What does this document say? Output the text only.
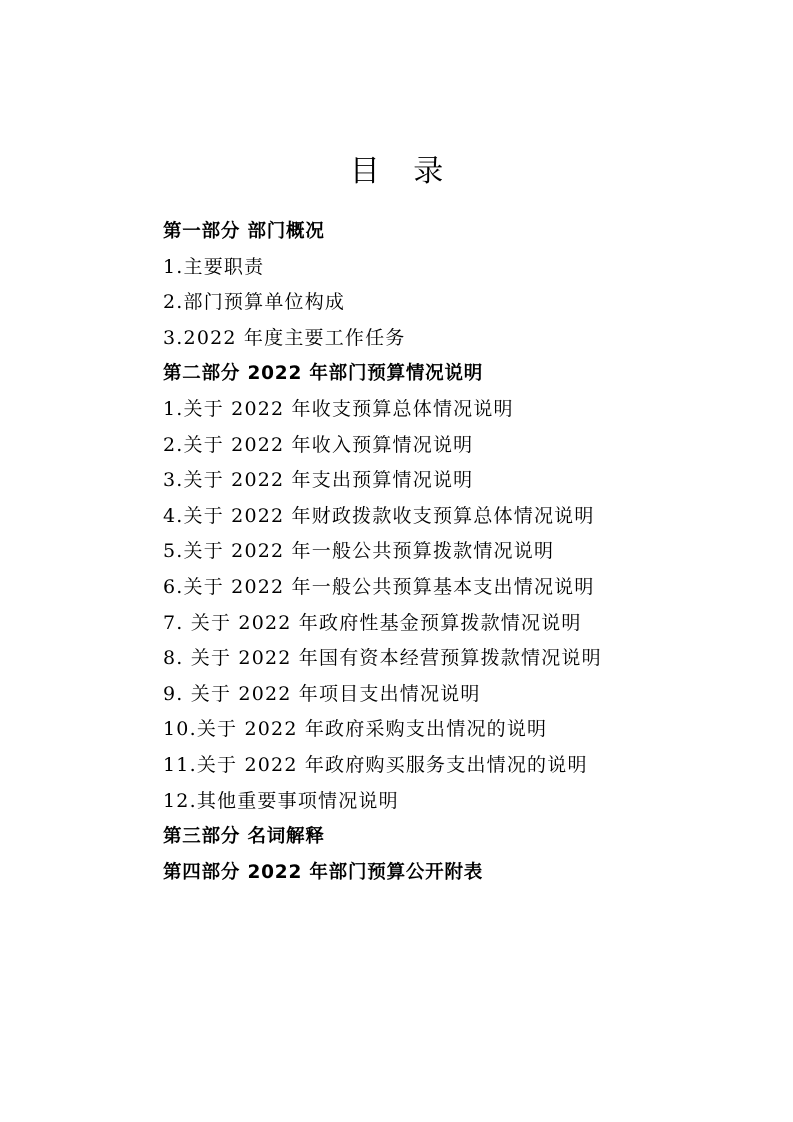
目 录
第一部分 部门概况
1.主要职责
2.部门预算单位构成
3.2022 年度主要工作任务
第二部分 2022 年部门预算情况说明
1.关于 2022 年收支预算总体情况说明
2.关于 2022 年收入预算情况说明
3.关于 2022 年支出预算情况说明
4.关于 2022 年财政拨款收支预算总体情况说明
5.关于 2022 年一般公共预算拨款情况说明
6.关于 2022 年一般公共预算基本支出情况说明
7. 关于 2022 年政府性基金预算拨款情况说明
8. 关于 2022 年国有资本经营预算拨款情况说明
9. 关于 2022 年项目支出情况说明
10.关于 2022 年政府采购支出情况的说明
11.关于 2022 年政府购买服务支出情况的说明
12.其他重要事项情况说明
第三部分 名词解释
第四部分 2022 年部门预算公开附表
